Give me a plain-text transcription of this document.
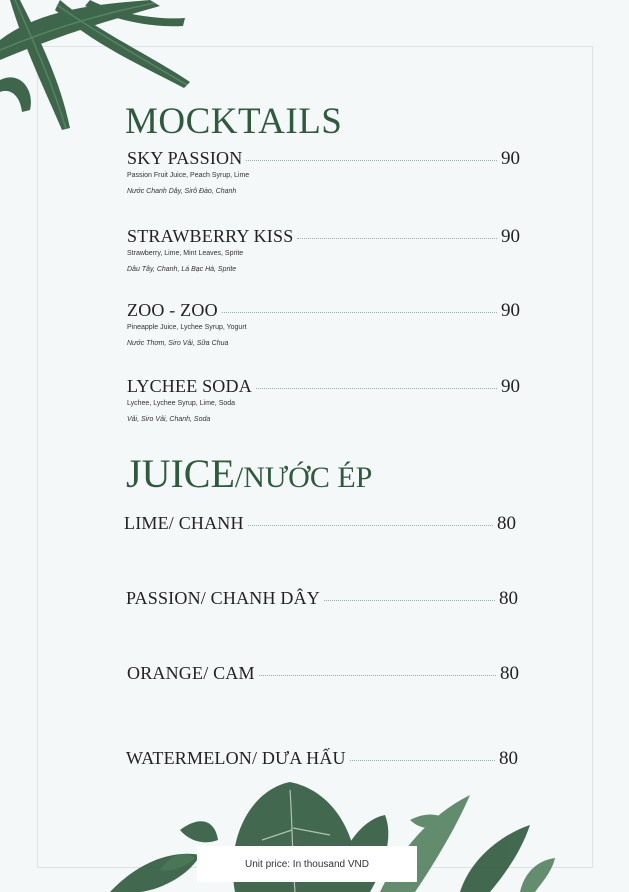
MOCKTAILS
SKY PASSION	90
Passion Fruit Juice, Peach Syrup, Lime
Nước Chanh Dây, Sirô Đào, Chanh
STRAWBERRY KISS	90
Strawberry, Lime, Mint Leaves, Sprite
Dâu Tây, Chanh, Lá Bạc Hà, Sprite
ZOO - ZOO	90
Pineapple Juice, Lychee Syrup, Yogurt
Nước Thơm, Siro Vải, Sữa Chua
LYCHEE SODA	90
Lychee, Lychee Syrup, Lime, Soda
Vải, Siro Vải, Chanh, Soda
JUICE/NƯỚC ÉP
LIME/ CHANH	80
PASSION/ CHANH DÂY	80
ORANGE/ CAM	80
WATERMELON/ DƯA HẤU	80
Unit price: In thousand VND
